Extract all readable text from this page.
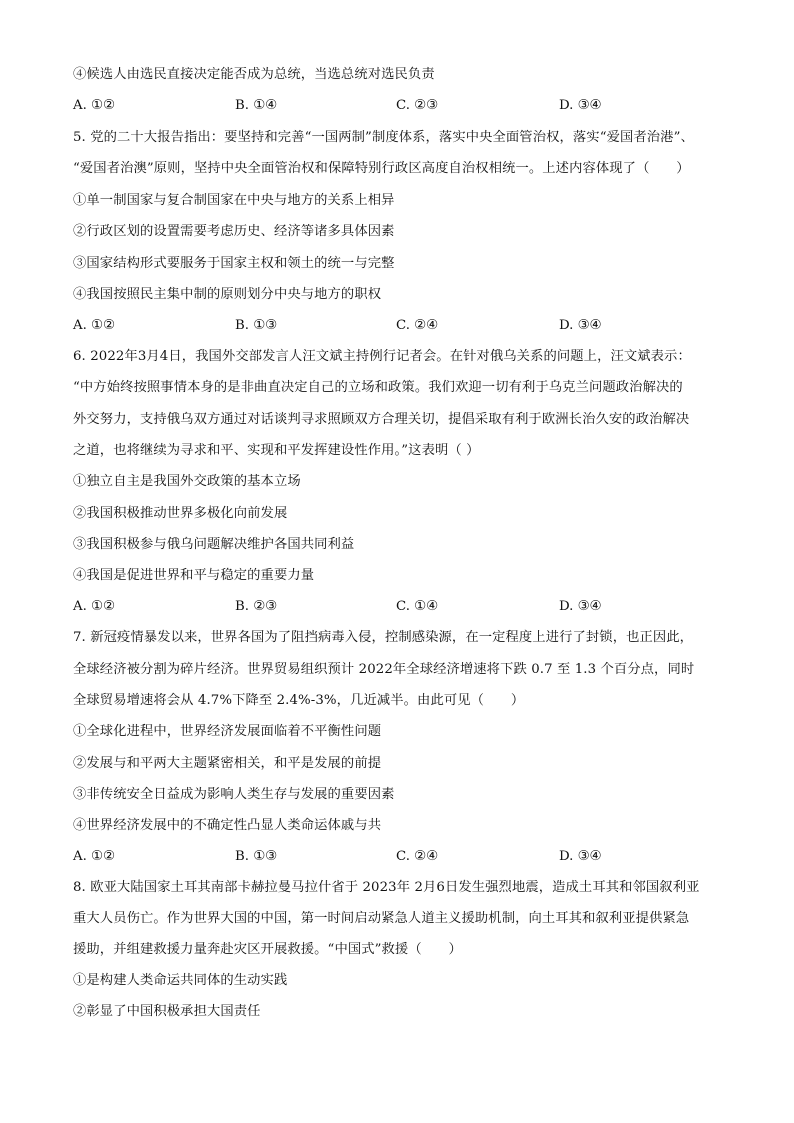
④候选人由选民直接决定能否成为总统，当选总统对选民负责
A. ①②	B. ①④	C. ②③	D. ③④
5. 党的二十大报告指出：要坚持和完善“一国两制”制度体系，落实中央全面管治权，落实“爱国者治港”、
“爱国者治澳”原则，坚持中央全面管治权和保障特别行政区高度自治权相统一。上述内容体现了（　　）
①单一制国家与复合制国家在中央与地方的关系上相异
②行政区划的设置需要考虑历史、经济等诸多具体因素
③国家结构形式要服务于国家主权和领土的统一与完整
④我国按照民主集中制的原则划分中央与地方的职权
A. ①②	B. ①③	C. ②④	D. ③④
6. 2022年3月4日，我国外交部发言人汪文斌主持例行记者会。在针对俄乌关系的问题上，汪文斌表示：
“中方始终按照事情本身的是非曲直决定自己的立场和政策。我们欢迎一切有利于乌克兰问题政治解决的
外交努力，支持俄乌双方通过对话谈判寻求照顾双方合理关切，提倡采取有利于欧洲长治久安的政治解决
之道，也将继续为寻求和平、实现和平发挥建设性作用。”这表明（ ）
①独立自主是我国外交政策的基本立场
②我国积极推动世界多极化向前发展
③我国积极参与俄乌问题解决维护各国共同利益
④我国是促进世界和平与稳定的重要力量
A. ①②	B. ②③	C. ①④	D. ③④
7. 新冠疫情暴发以来，世界各国为了阻挡病毒入侵，控制感染源，在一定程度上进行了封锁，也正因此，
全球经济被分割为碎片经济。世界贸易组织预计 2022年全球经济增速将下跌 0.7 至 1.3 个百分点，同时
全球贸易增速将会从 4.7%下降至 2.4%-3%，几近减半。由此可见（　　）
①全球化进程中，世界经济发展面临着不平衡性问题
②发展与和平两大主题紧密相关，和平是发展的前提
③非传统安全日益成为影响人类生存与发展的重要因素
④世界经济发展中的不确定性凸显人类命运体戚与共
A. ①②	B. ①③	C. ②④	D. ③④
8. 欧亚大陆国家土耳其南部卡赫拉曼马拉什省于 2023年 2月6日发生强烈地震，造成土耳其和邻国叙利亚
重大人员伤亡。作为世界大国的中国，第一时间启动紧急人道主义援助机制，向土耳其和叙利亚提供紧急
援助，并组建救援力量奔赴灾区开展救援。“中国式”救援（　　）
①是构建人类命运共同体的生动实践
②彰显了中国积极承担大国责任
